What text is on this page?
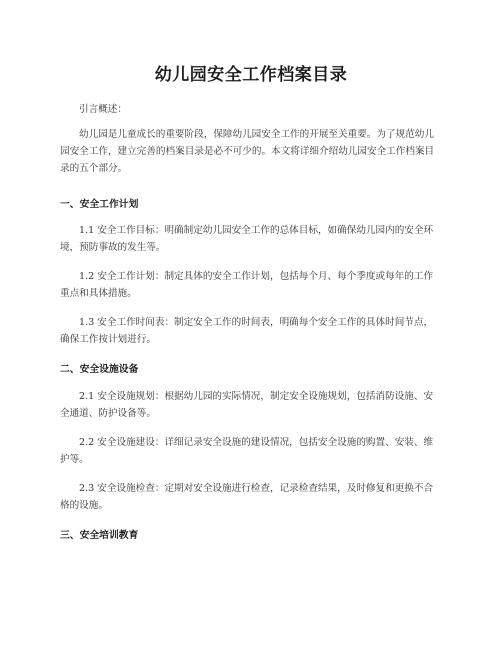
幼儿园安全工作档案目录

引言概述：

幼儿园是儿童成长的重要阶段，保障幼儿园安全工作的开展至关重要。为了规范幼儿园安全工作，建立完善的档案目录是必不可少的。本文将详细介绍幼儿园安全工作档案目录的五个部分。

一、安全工作计划

1.1 安全工作目标：明确制定幼儿园安全工作的总体目标，如确保幼儿园内的安全环境，预防事故的发生等。

1.2 安全工作计划：制定具体的安全工作计划，包括每个月、每个季度或每年的工作重点和具体措施。

1.3 安全工作时间表：制定安全工作的时间表，明确每个安全工作的具体时间节点，确保工作按计划进行。

二、安全设施设备

2.1 安全设施规划：根据幼儿园的实际情况，制定安全设施规划，包括消防设施、安全通道、防护设备等。

2.2 安全设施建设：详细记录安全设施的建设情况，包括安全设施的购置、安装、维护等。

2.3 安全设施检查：定期对安全设施进行检查，记录检查结果，及时修复和更换不合格的设施。

三、安全培训教育
